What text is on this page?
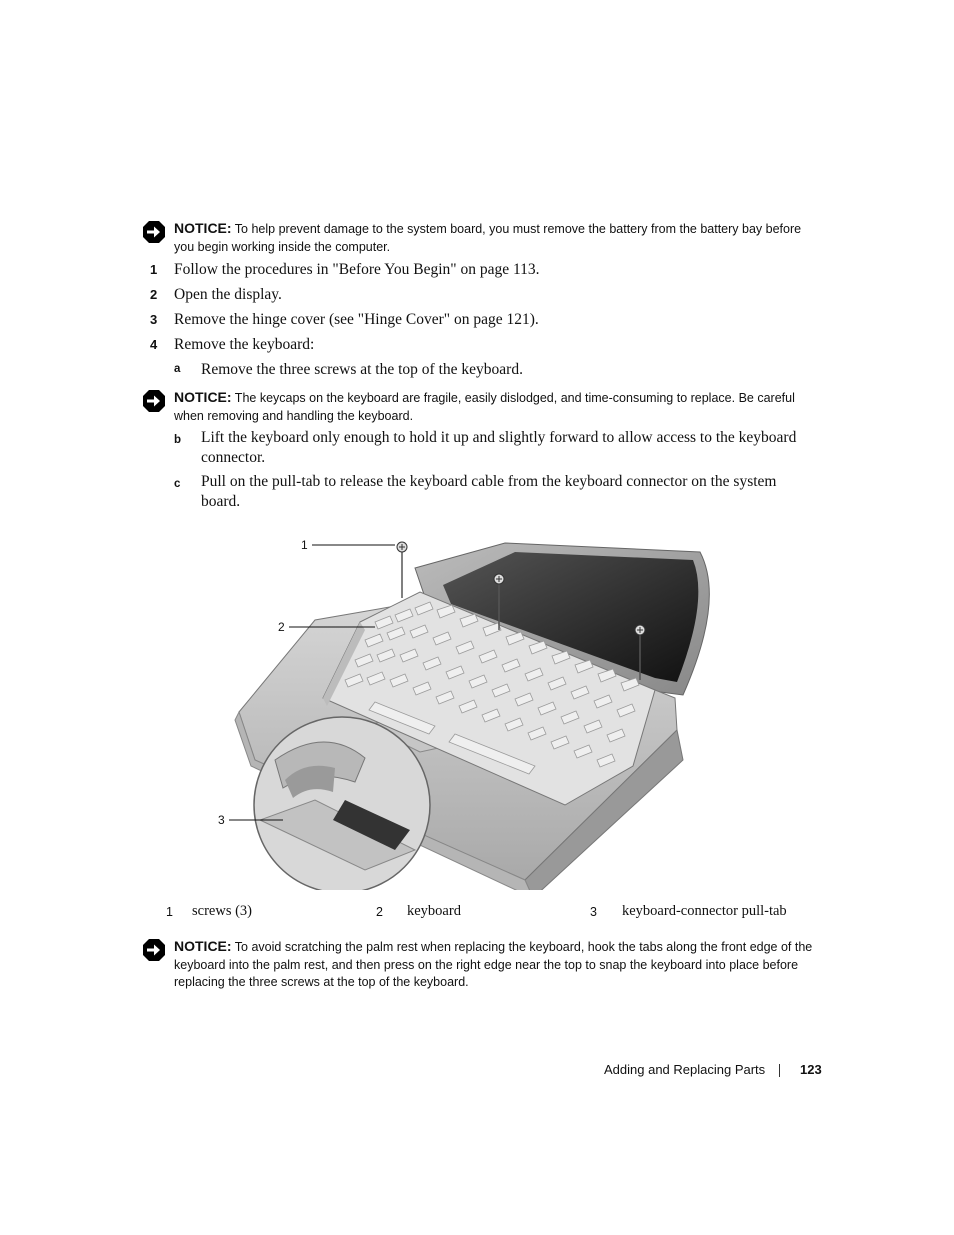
NOTICE: To help prevent damage to the system board, you must remove the battery from the battery bay before you begin working inside the computer.
1 Follow the procedures in "Before You Begin" on page 113.
2 Open the display.
3 Remove the hinge cover (see "Hinge Cover" on page 121).
4 Remove the keyboard:
a Remove the three screws at the top of the keyboard.
NOTICE: The keycaps on the keyboard are fragile, easily dislodged, and time-consuming to replace. Be careful when removing and handling the keyboard.
b Lift the keyboard only enough to hold it up and slightly forward to allow access to the keyboard connector.
c Pull on the pull-tab to release the keyboard cable from the keyboard connector on the system board.
1
2
3
1 screws (3)	2 keyboard	3 keyboard-connector pull-tab
NOTICE: To avoid scratching the palm rest when replacing the keyboard, hook the tabs along the front edge of the keyboard into the palm rest, and then press on the right edge near the top to snap the keyboard into place before replacing the three screws at the top of the keyboard.
Adding and Replacing Parts	123
